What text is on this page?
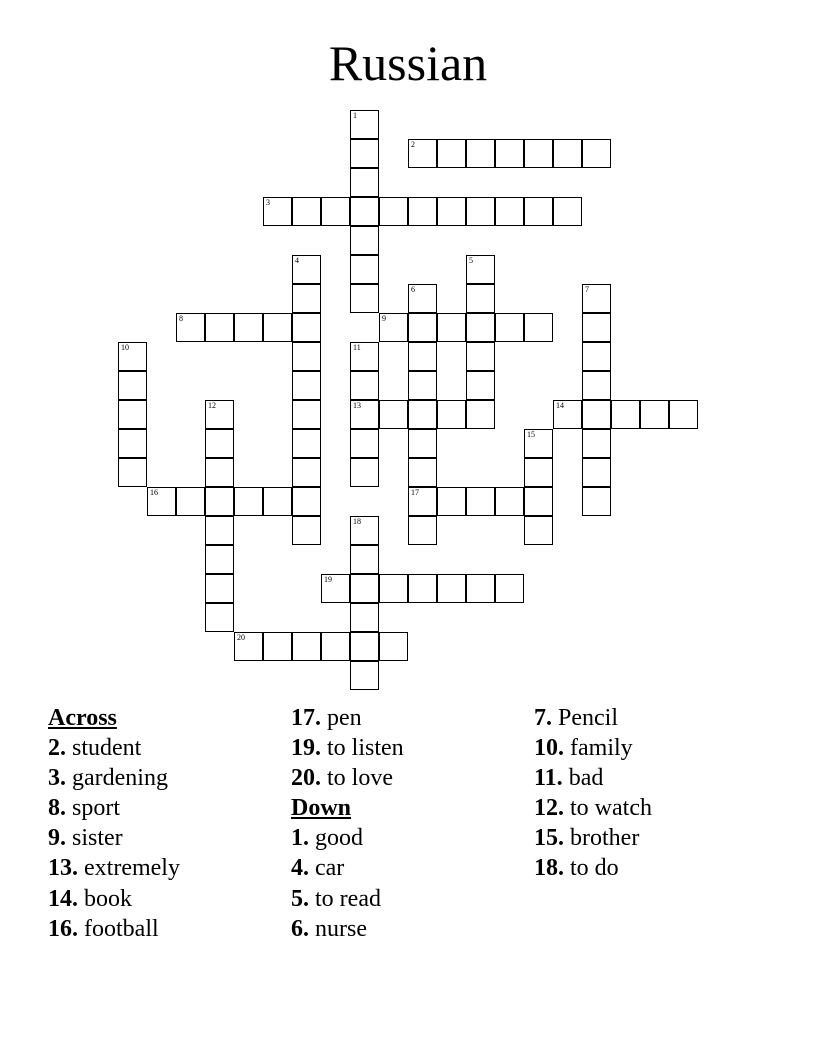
Russian
1
2
3
4	5
6
17
7
8	9
10	11
13
12	14
15
16
18
19
20
Across
2. student
3. gardening
8. sport
9. sister
13. extremely
14. book
16. football
17. pen
19. to listen
20. to love
Down
1. good
4. car
5. to read
6. nurse
7. Pencil
10. family
11. bad
12. to watch
15. brother
18. to do
